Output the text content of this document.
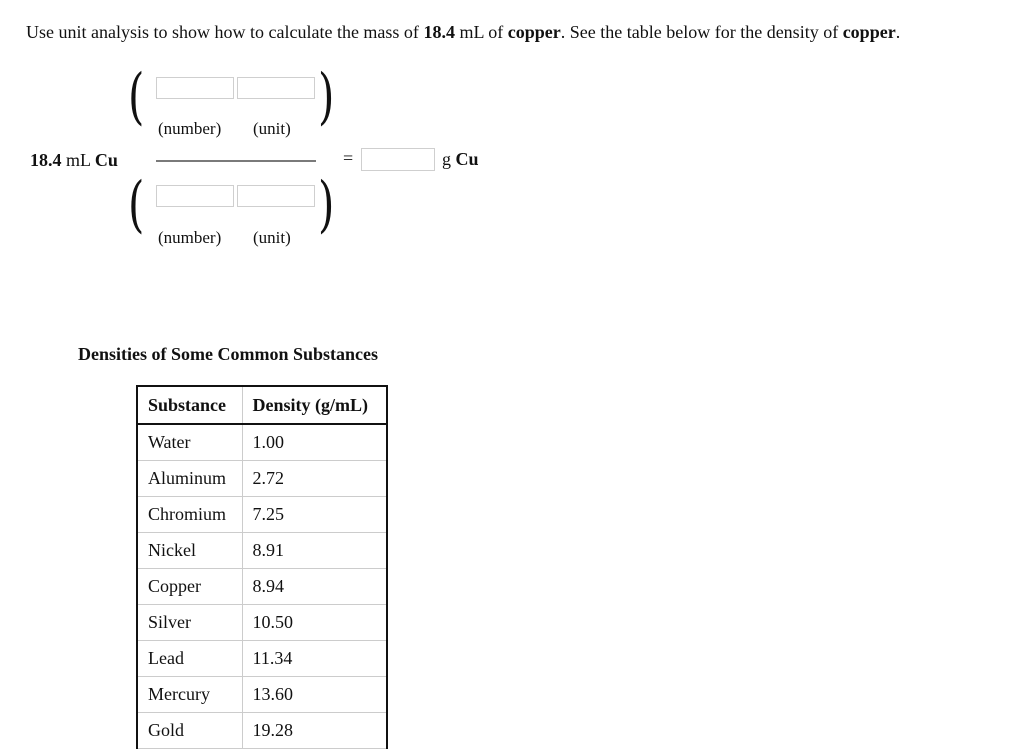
Use unit analysis to show how to calculate the mass of 18.4 mL of copper. See the table below for the density of copper.
18.4 mL Cu
(	)
(number) (unit)
(	)
(number) (unit)
=	g Cu
Densities of Some Common Substances
Substance	Density (g/mL)
Water	1.00
Aluminum	2.72
Chromium	7.25
Nickel	8.91
Copper	8.94
Silver	10.50
Lead	11.34
Mercury	13.60
Gold	19.28
